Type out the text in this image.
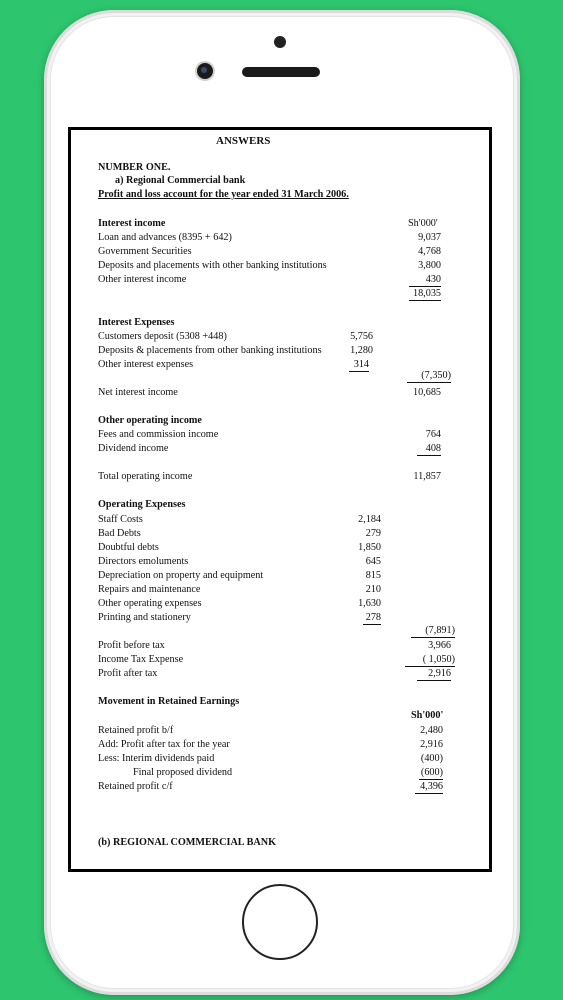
ANSWERS
NUMBER ONE.
a) Regional Commercial bank
Profit and loss account for the year ended 31 March 2006.
Interest income	Sh'000'
Loan and advances (8395 + 642)	9,037
Government Securities	4,768
Deposits and placements with other banking institutions	3,800
Other interest income	430
18,035
Interest Expenses
Customers deposit (5308 +448)	5,756
Deposits & placements from other banking institutions	1,280
Other interest expenses	314
(7,350)
Net interest income	10,685
Other operating income
Fees and commission income	764
Dividend income	408
Total operating income	11,857
Operating Expenses
Staff Costs	2,184
Bad Debts	279
Doubtful debts	1,850
Directors emoluments	645
Depreciation on property and equipment	815
Repairs and maintenance	210
Other operating expenses	1,630
Printing and stationery	278
(7,891)
Profit before tax	3,966
Income Tax Expense	( 1,050)
Profit after tax	2,916
Movement in Retained Earnings
Sh'000'
Retained profit b/f	2,480
Add: Profit after tax for the year	2,916
Less: Interim dividends paid	(400)
Final proposed dividend	(600)
Retained profit c/f	4,396
(b) REGIONAL COMMERCIAL BANK
